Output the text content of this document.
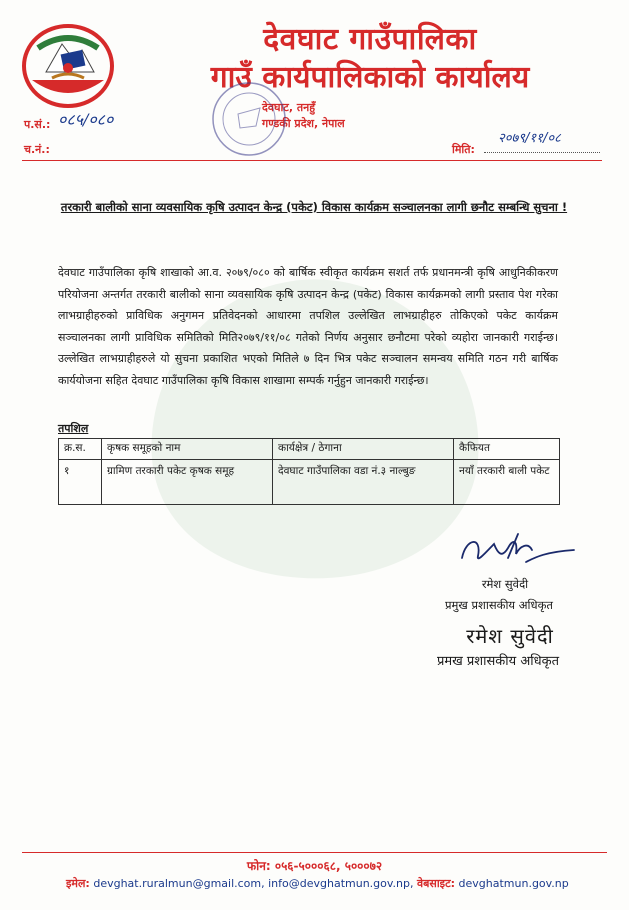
देवघाट गाउँपालिका
गाउँ कार्यपालिकाको कार्यालय
देवघाट, तनहुँ
गण्डकी प्रदेश, नेपाल
प.सं.: ०८५/०८०
च.नं.:
२०७९/११/०८
मिति:
तरकारी बालीको साना व्यवसायिक कृषि उत्पादन केन्द्र (पकेट) विकास कार्यक्रम सञ्चालनका लागी छनौट सम्बन्धि सुचना !
देवघाट गाउँपालिका कृषि शाखाको आ.व. २०७९/०८० को बार्षिक स्वीकृत कार्यक्रम सशर्त तर्फ प्रधानमन्त्री कृषि आधुनिकीकरण परियोजना अन्तर्गत तरकारी बालीको साना व्यवसायिक कृषि उत्पादन केन्द्र (पकेट) विकास कार्यक्रमको लागी प्रस्ताव पेश गरेका लाभग्राहीहरुको प्राविधिक अनुगमन प्रतिवेदनको आधारमा तपशिल उल्लेखित लाभग्राहीहरु तोकिएको पकेट कार्यक्रम सञ्चालनका लागी प्राविधिक समितिको मिति२०७९/११/०८ गतेको निर्णय अनुसार छनौटमा परेको व्यहोरा जानकारी गराईन्छ। उल्लेखित लाभग्राहीहरुले यो सुचना प्रकाशित भएको मितिले ७ दिन भित्र पकेट सञ्चालन समन्वय समिति गठन गरी बार्षिक कार्ययोजना सहित देवघाट गाउँपालिका कृषि विकास शाखामा सम्पर्क गर्नुहुन जानकारी गराईन्छ।
तपशिल
क्र.स.	कृषक समूहको नाम	कार्यक्षेत्र / ठेगाना	कैफियत
१	ग्रामिण तरकारी पकेट कृषक समूह	देवघाट गाउँपालिका वडा नं.३ नाल्बुङ	नयाँ तरकारी बाली पकेट
रमेश सुवेदी
प्रमुख प्रशासकीय अधिकृत
रमेश सुवेदी
प्रमख प्रशासकीय अधिकृत
फोन: ०५६-५०००६८, ५०००७२
इमेल: devghat.ruralmun@gmail.com, info@devghatmun.gov.np, वेबसाइट: devghatmun.gov.np
